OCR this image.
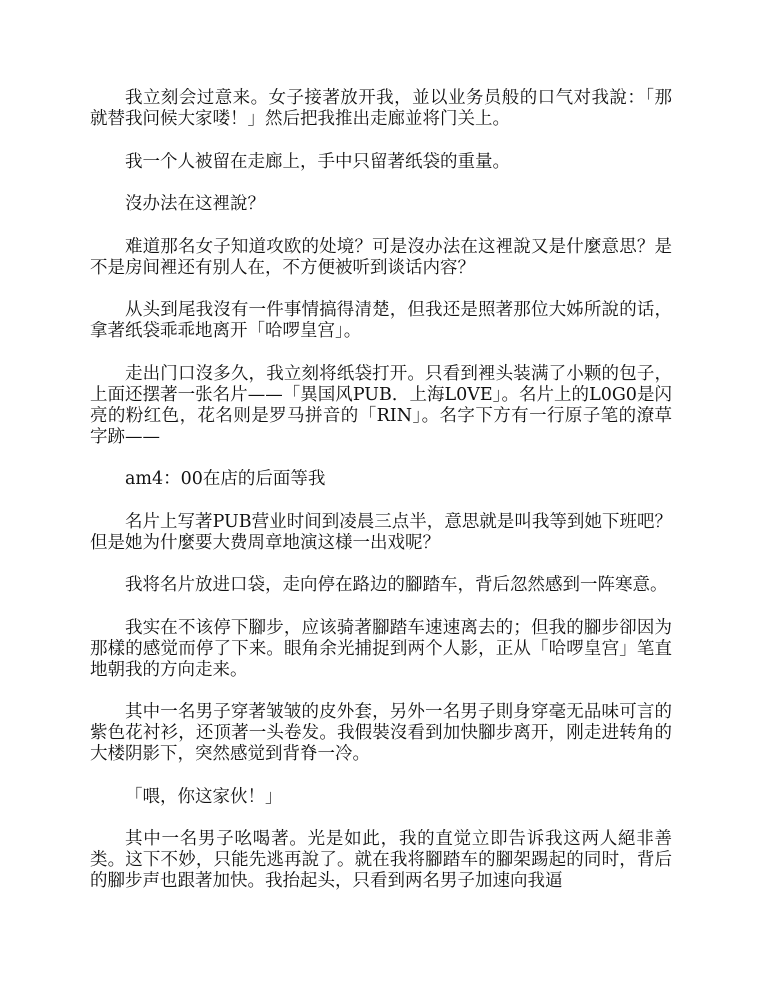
我立刻会过意来。女子接著放开我，並以业务员般的口气对我說：「那就替我问候大家喽！」然后把我推出走廊並将门关上。

我一个人被留在走廊上，手中只留著纸袋的重量。

沒办法在这裡說？

难道那名女子知道攻欧的处境？可是沒办法在这裡說又是什麼意思？是不是房间裡还有别人在，不方便被听到谈话内容？

从头到尾我沒有一件事情搞得清楚，但我还是照著那位大姊所說的话，拿著纸袋乖乖地离开「哈啰皇宫」。

走出门口沒多久，我立刻将纸袋打开。只看到裡头装满了小颗的包子，上面还摆著一张名片——「異国风PUB．上海L0VE」。名片上的L0G0是闪亮的粉红色，花名则是罗马拼音的「RIN」。名字下方有一行原子笔的潦草字跡——

am4：00在店的后面等我

名片上写著PUB营业时间到凌晨三点半，意思就是叫我等到她下班吧？但是她为什麼要大费周章地演这様一出戏呢？

我将名片放进口袋，走向停在路边的腳踏车，背后忽然感到一阵寒意。

我实在不该停下腳步，应该骑著腳踏车速速离去的；但我的腳步卻因为那樣的感觉而停了下来。眼角余光捕捉到两个人影，正从「哈啰皇宫」笔直地朝我的方向走来。

其中一名男子穿著皱皱的皮外套，另外一名男子則身穿毫无品味可言的紫色花衬衫，还顶著一头卷发。我假裝沒看到加快腳步离开，刚走进转角的大楼阴影下，突然感觉到背脊一冷。

「喂，你这家伙！」

其中一名男子吆喝著。光是如此，我的直觉立即告诉我这两人絕非善类。这下不妙，只能先逃再說了。就在我将腳踏车的腳架踢起的同时，背后的腳步声也跟著加快。我抬起头，只看到两名男子加速向我逼
